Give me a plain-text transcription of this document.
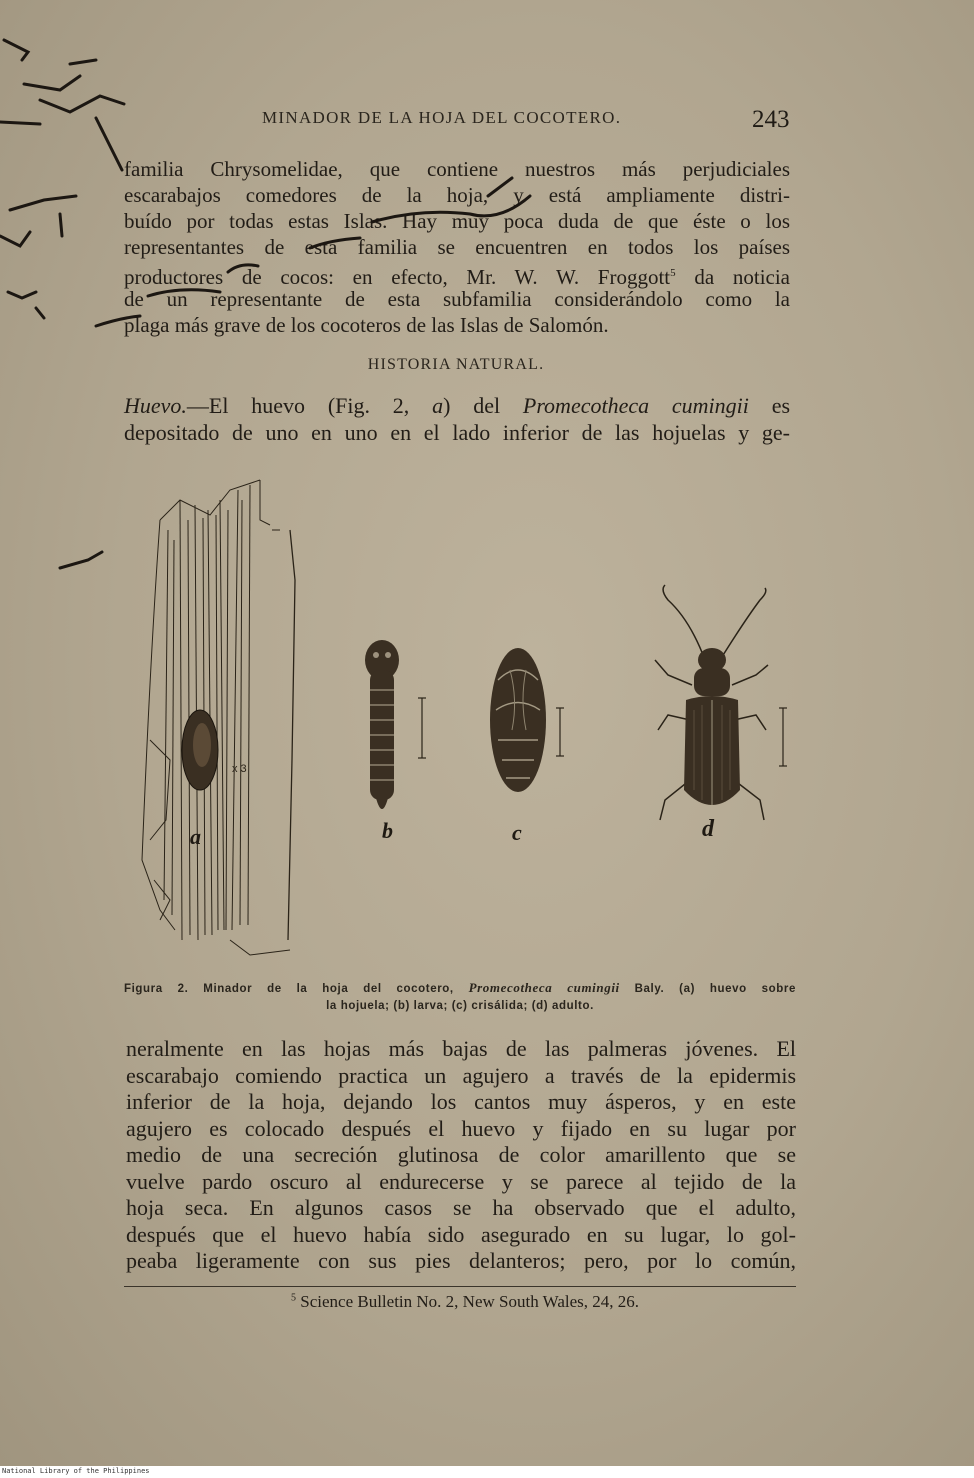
MINADOR DE LA HOJA DEL COCOTERO.	243
familia Chrysomelidae, que contiene nuestros más perjudiciales
escarabajos comedores de la hoja, y está ampliamente distri-
buído por todas estas Islas. Hay muy poca duda de que éste o los
representantes de esta familia se encuentren en todos los países
productores de cocos: en efecto, Mr. W. W. Froggott$^5$ da noticia
de un representante de esta subfamilia considerándolo como la
plaga más grave de los cocoteros de las Islas de Salomón.
HISTORIA NATURAL.
Huevo.—El huevo (Fig. 2, a) del Promecotheca cumingii es
depositado de uno en uno en el lado inferior de las hojuelas y ge-
x 3
a	b	c	d
Figura 2. Minador de la hoja del cocotero, Promecotheca cumingii Baly. (a) huevo sobre
la hojuela; (b) larva; (c) crisálida; (d) adulto.
neralmente en las hojas más bajas de las palmeras jóvenes. El
escarabajo comiendo practica un agujero a través de la epidermis
inferior de la hoja, dejando los cantos muy ásperos, y en este
agujero es colocado después el huevo y fijado en su lugar por
medio de una secreción glutinosa de color amarillento que se
vuelve pardo oscuro al endurecerse y se parece al tejido de la
hoja seca. En algunos casos se ha observado que el adulto,
después que el huevo había sido asegurado en su lugar, lo gol-
peaba ligeramente con sus pies delanteros; pero, por lo común,
$^5$ Science Bulletin No. 2, New South Wales, 24, 26.
National Library of the Philippines
